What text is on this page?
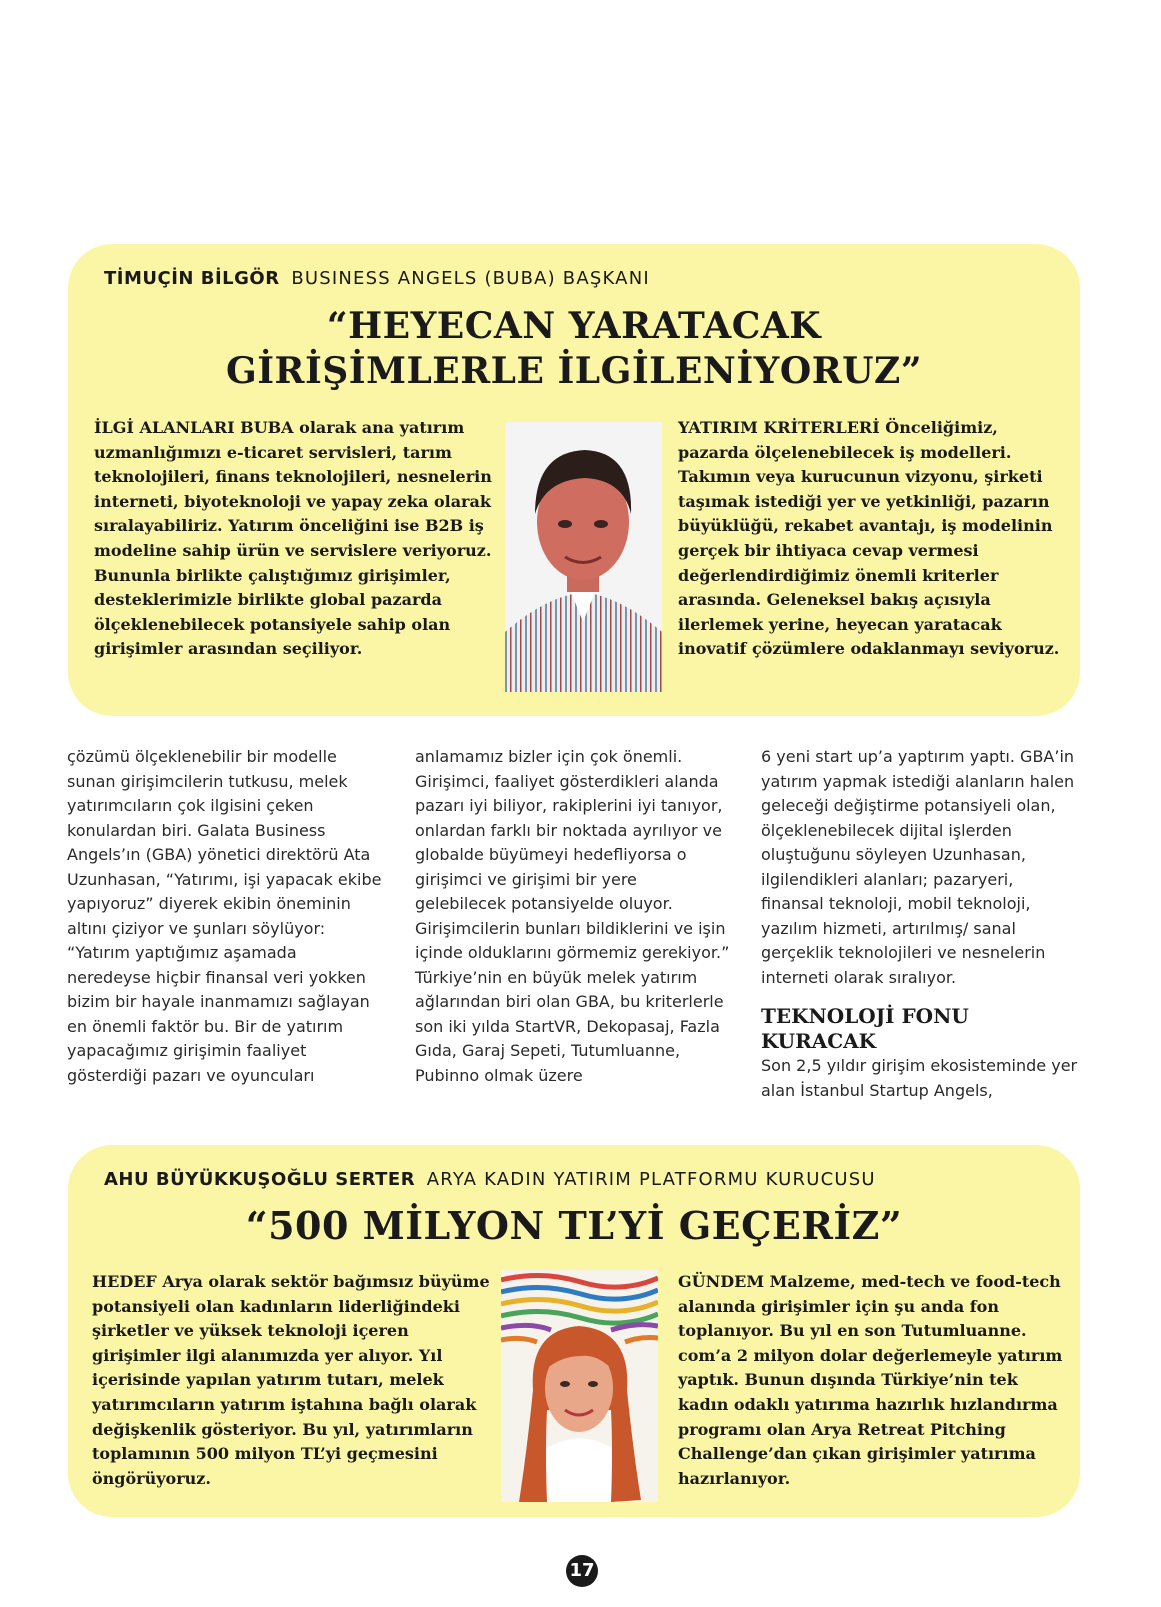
TİMUÇİN BİLGÖR BUSINESS ANGELS (BUBA) BAŞKANI
“HEYECAN YARATACAK
GİRİŞİMLERLE İLGİLENİYORUZ”
İLGİ ALANLARI BUBA olarak ana yatırım uzmanlığımızı e-ticaret servisleri, tarım teknolojileri, finans teknolojileri, nesnelerin interneti, biyoteknoloji ve yapay zeka olarak sıralayabiliriz. Yatırım önceliğini ise B2B iş modeline sahip ürün ve servislere veriyoruz. Bununla birlikte çalıştığımız girişimler, desteklerimizle birlikte global pazarda ölçeklenebilecek potansiyele sahip olan girişimler arasından seçiliyor.
YATIRIM KRİTERLERİ Önceliğimiz, pazarda ölçelenebilecek iş modelleri. Takımın veya kurucunun vizyonu, şirketi taşımak istediği yer ve yetkinliği, pazarın büyüklüğü, rekabet avantajı, iş modelinin gerçek bir ihtiyaca cevap vermesi değerlendirdiğimiz önemli kriterler arasında. Geleneksel bakış açısıyla ilerlemek yerine, heyecan yaratacak inovatif çözümlere odaklanmayı seviyoruz.
çözümü ölçeklenebilir bir modelle sunan girişimcilerin tutkusu, melek yatırımcıların çok ilgisini çeken konulardan biri. Galata Business Angels’ın (GBA) yönetici direktörü Ata Uzunhasan, “Yatırımı, işi yapacak ekibe yapıyoruz” diyerek ekibin öneminin altını çiziyor ve şunları söylüyor:
“Yatırım yaptığımız aşamada neredeyse hiçbir finansal veri yokken bizim bir hayale inanmamızı sağlayan en önemli faktör bu. Bir de yatırım yapacağımız girişimin faaliyet gösterdiği pazarı ve oyuncuları
anlamamız bizler için çok önemli. Girişimci, faaliyet gösterdikleri alanda pazarı iyi biliyor, rakiplerini iyi tanıyor, onlardan farklı bir noktada ayrılıyor ve globalde büyümeyi hedefliyorsa o girişimci ve girişimi bir yere gelebilecek potansiyelde oluyor. Girişimcilerin bunları bildiklerini ve işin içinde olduklarını görmemiz gerekiyor.”
Türkiye’nin en büyük melek yatırım ağlarından biri olan GBA, bu kriterlerle son iki yılda StartVR, Dekopasaj, Fazla Gıda, Garaj Sepeti, Tutumluanne, Pubinno olmak üzere
6 yeni start up’a yaptırım yaptı. GBA’in yatırım yapmak istediği alanların halen geleceği değiştirme potansiyeli olan, ölçeklenebilecek dijital işlerden oluştuğunu söyleyen Uzunhasan, ilgilendikleri alanları; pazaryeri, finansal teknoloji, mobil teknoloji, yazılım hizmeti, artırılmış/ sanal gerçeklik teknolojileri ve nesnelerin interneti olarak sıralıyor.
TEKNOLOJİ FONU KURACAK
Son 2,5 yıldır girişim ekosisteminde yer alan İstanbul Startup Angels,
AHU BÜYÜKKUŞOĞLU SERTER ARYA KADIN YATIRIM PLATFORMU KURUCUSU
“500 MİLYON TL’Yİ GEÇERİZ”
HEDEF Arya olarak sektör bağımsız büyüme potansiyeli olan kadınların liderliğindeki şirketler ve yüksek teknoloji içeren girişimler ilgi alanımızda yer alıyor. Yıl içerisinde yapılan yatırım tutarı, melek yatırımcıların yatırım iştahına bağlı olarak değişkenlik gösteriyor. Bu yıl, yatırımların toplamının 500 milyon TL’yi geçmesini öngörüyoruz.
GÜNDEM Malzeme, med-tech ve food-tech alanında girişimler için şu anda fon toplanıyor. Bu yıl en son Tutumluanne. com’a 2 milyon dolar değerlemeyle yatırım yaptık. Bunun dışında Türkiye’nin tek kadın odaklı yatırıma hazırlık hızlandırma programı olan Arya Retreat Pitching Challenge’dan çıkan girişimler yatırıma hazırlanıyor.
17
